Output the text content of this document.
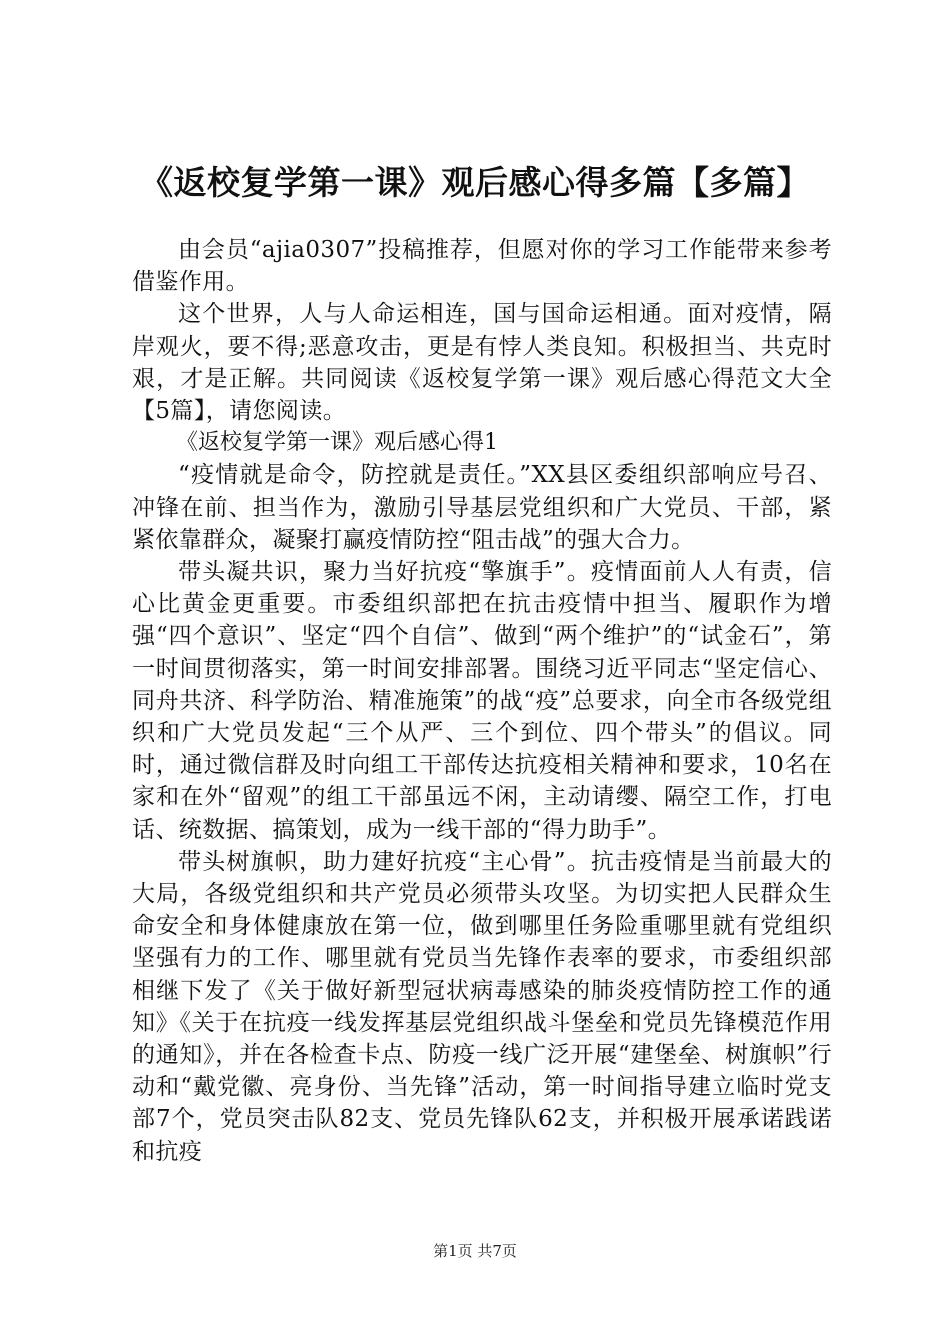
《返校复学第一课》观后感心得多篇【多篇】

由会员“ajia0307”投稿推荐，但愿对你的学习工作能带来参考借鉴作用。

这个世界，人与人命运相连，国与国命运相通。面对疫情，隔岸观火，要不得;恶意攻击，更是有悖人类良知。积极担当、共克时艰，才是正解。共同阅读《返校复学第一课》观后感心得范文大全【5篇】，请您阅读。

《返校复学第一课》观后感心得1

“疫情就是命令，防控就是责任。”XX县区委组织部响应号召、冲锋在前、担当作为，激励引导基层党组织和广大党员、干部，紧紧依靠群众，凝聚打赢疫情防控“阻击战”的强大合力。

带头凝共识，聚力当好抗疫“擎旗手”。疫情面前人人有责，信心比黄金更重要。市委组织部把在抗击疫情中担当、履职作为增强“四个意识”、坚定“四个自信”、做到“两个维护”的“试金石”，第一时间贯彻落实，第一时间安排部署。围绕习近平同志“坚定信心、同舟共济、科学防治、精准施策”的战“疫”总要求，向全市各级党组织和广大党员发起“三个从严、三个到位、四个带头”的倡议。同时，通过微信群及时向组工干部传达抗疫相关精神和要求，10名在家和在外“留观”的组工干部虽远不闲，主动请缨、隔空工作，打电话、统数据、搞策划，成为一线干部的“得力助手”。

带头树旗帜，助力建好抗疫“主心骨”。抗击疫情是当前最大的大局，各级党组织和共产党员必须带头攻坚。为切实把人民群众生命安全和身体健康放在第一位，做到哪里任务险重哪里就有党组织坚强有力的工作、哪里就有党员当先锋作表率的要求，市委组织部相继下发了《关于做好新型冠状病毒感染的肺炎疫情防控工作的通知》《关于在抗疫一线发挥基层党组织战斗堡垒和党员先锋模范作用的通知》，并在各检查卡点、防疫一线广泛开展“建堡垒、树旗帜”行动和“戴党徽、亮身份、当先锋”活动，第一时间指导建立临时党支部7个，党员突击队82支、党员先锋队62支，并积极开展承诺践诺和抗疫

第1页 共7页
